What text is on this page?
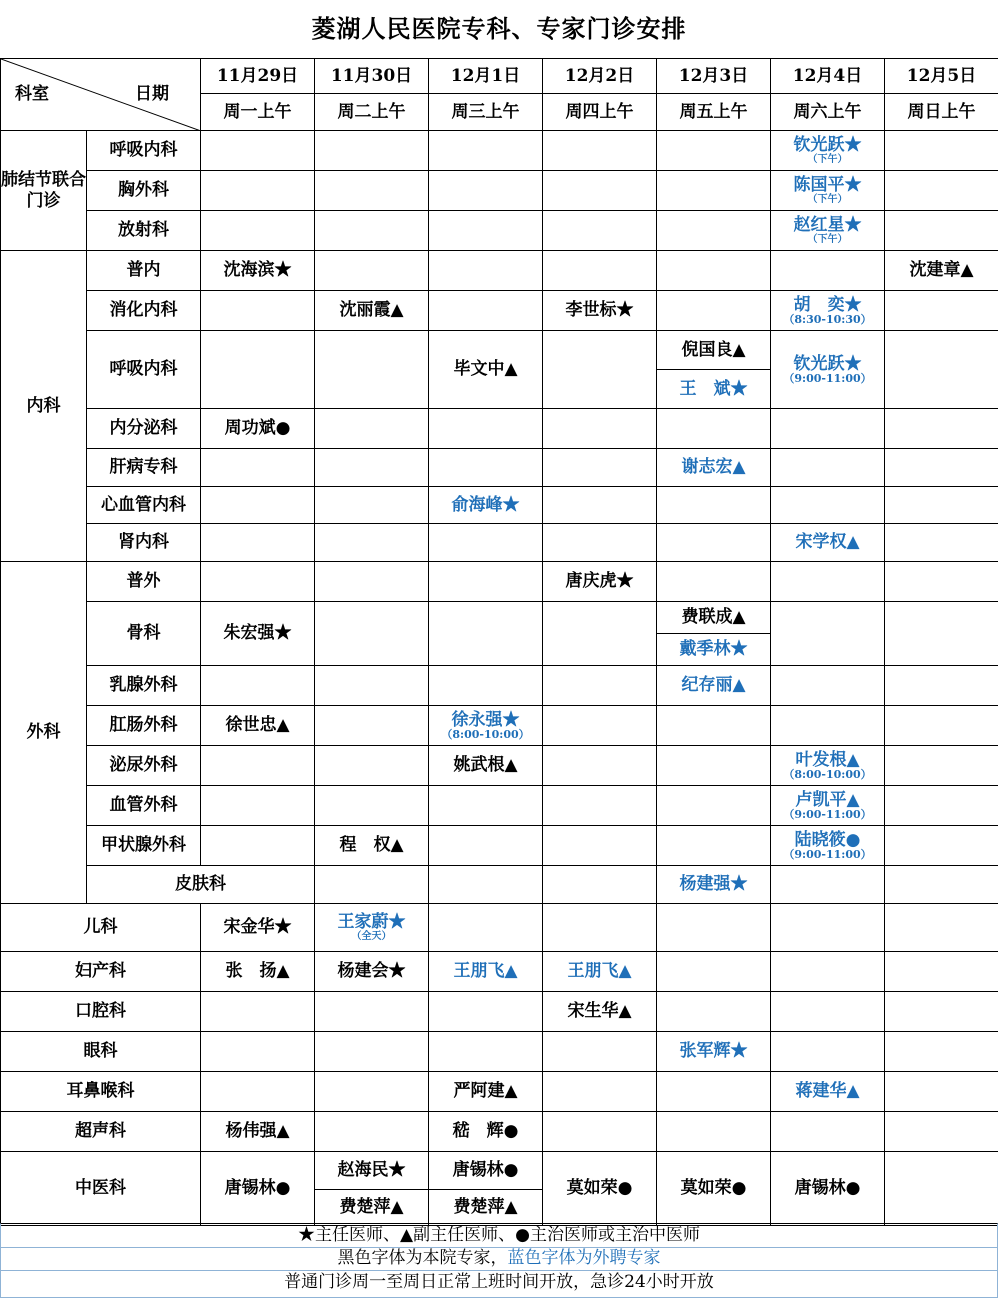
菱湖人民医院专科、专家门诊安排
科室 日期		11月29日	11月30日	12月1日	12月2日	12月3日	12月4日	12月5日	
		周一上午	周二上午	周三上午	周四上午	周五上午	周六上午	周日上午	
肺结节联合门诊	呼吸内科						钦光跃★
（下午）		

	胸外科						陈国平★
（下午）		

	放射科						赵红星★
（下午）		

内科	普内	沈海滨★						沈建章▲	
	消化内科		沈丽霞▲		李世标★		胡　奕★
（8:30-10:30）		

	呼吸内科			毕文中▲		倪国良▲	钦光跃★
（9:00-11:00）		

						王　斌★			
	内分泌科	周功斌●							
	肝病专科					谢志宏▲			
	心血管内科			俞海峰★					
	肾内科						宋学权▲		
外科	普外				唐庆虎★				
	骨科	朱宏强★				费联成▲			
						戴季林★			
	乳腺外科					纪存丽▲			
	肛肠外科	徐世忠▲		徐永强★
（8:00-10:00）					

	泌尿外科			姚武根▲			叶发根▲
（8:00-10:00）		

	血管外科						卢凯平▲
（9:00-11:00）		

	甲状腺外科		程　权▲				陆晓筱●
（9:00-11:00）		

	皮肤科					杨建强★			
儿科		宋金华★	王家蔚★
（全天）						

妇产科		张　扬▲	杨建会★	王朋飞▲	王朋飞▲				
口腔科					宋生华▲				
眼科						张军辉★			
耳鼻喉科				严阿建▲			蒋建华▲		
超声科		杨伟强▲		嵇　辉●					
中医科		唐锡林●	赵海民★	唐锡林●	莫如荣●	莫如荣●	唐锡林●		
			费楚萍▲	费楚萍▲					
★主任医师、▲副主任医师、●主治医师或主治中医师
黑色字体为本院专家，蓝色字体为外聘专家
普通门诊周一至周日正常上班时间开放，急诊24小时开放
